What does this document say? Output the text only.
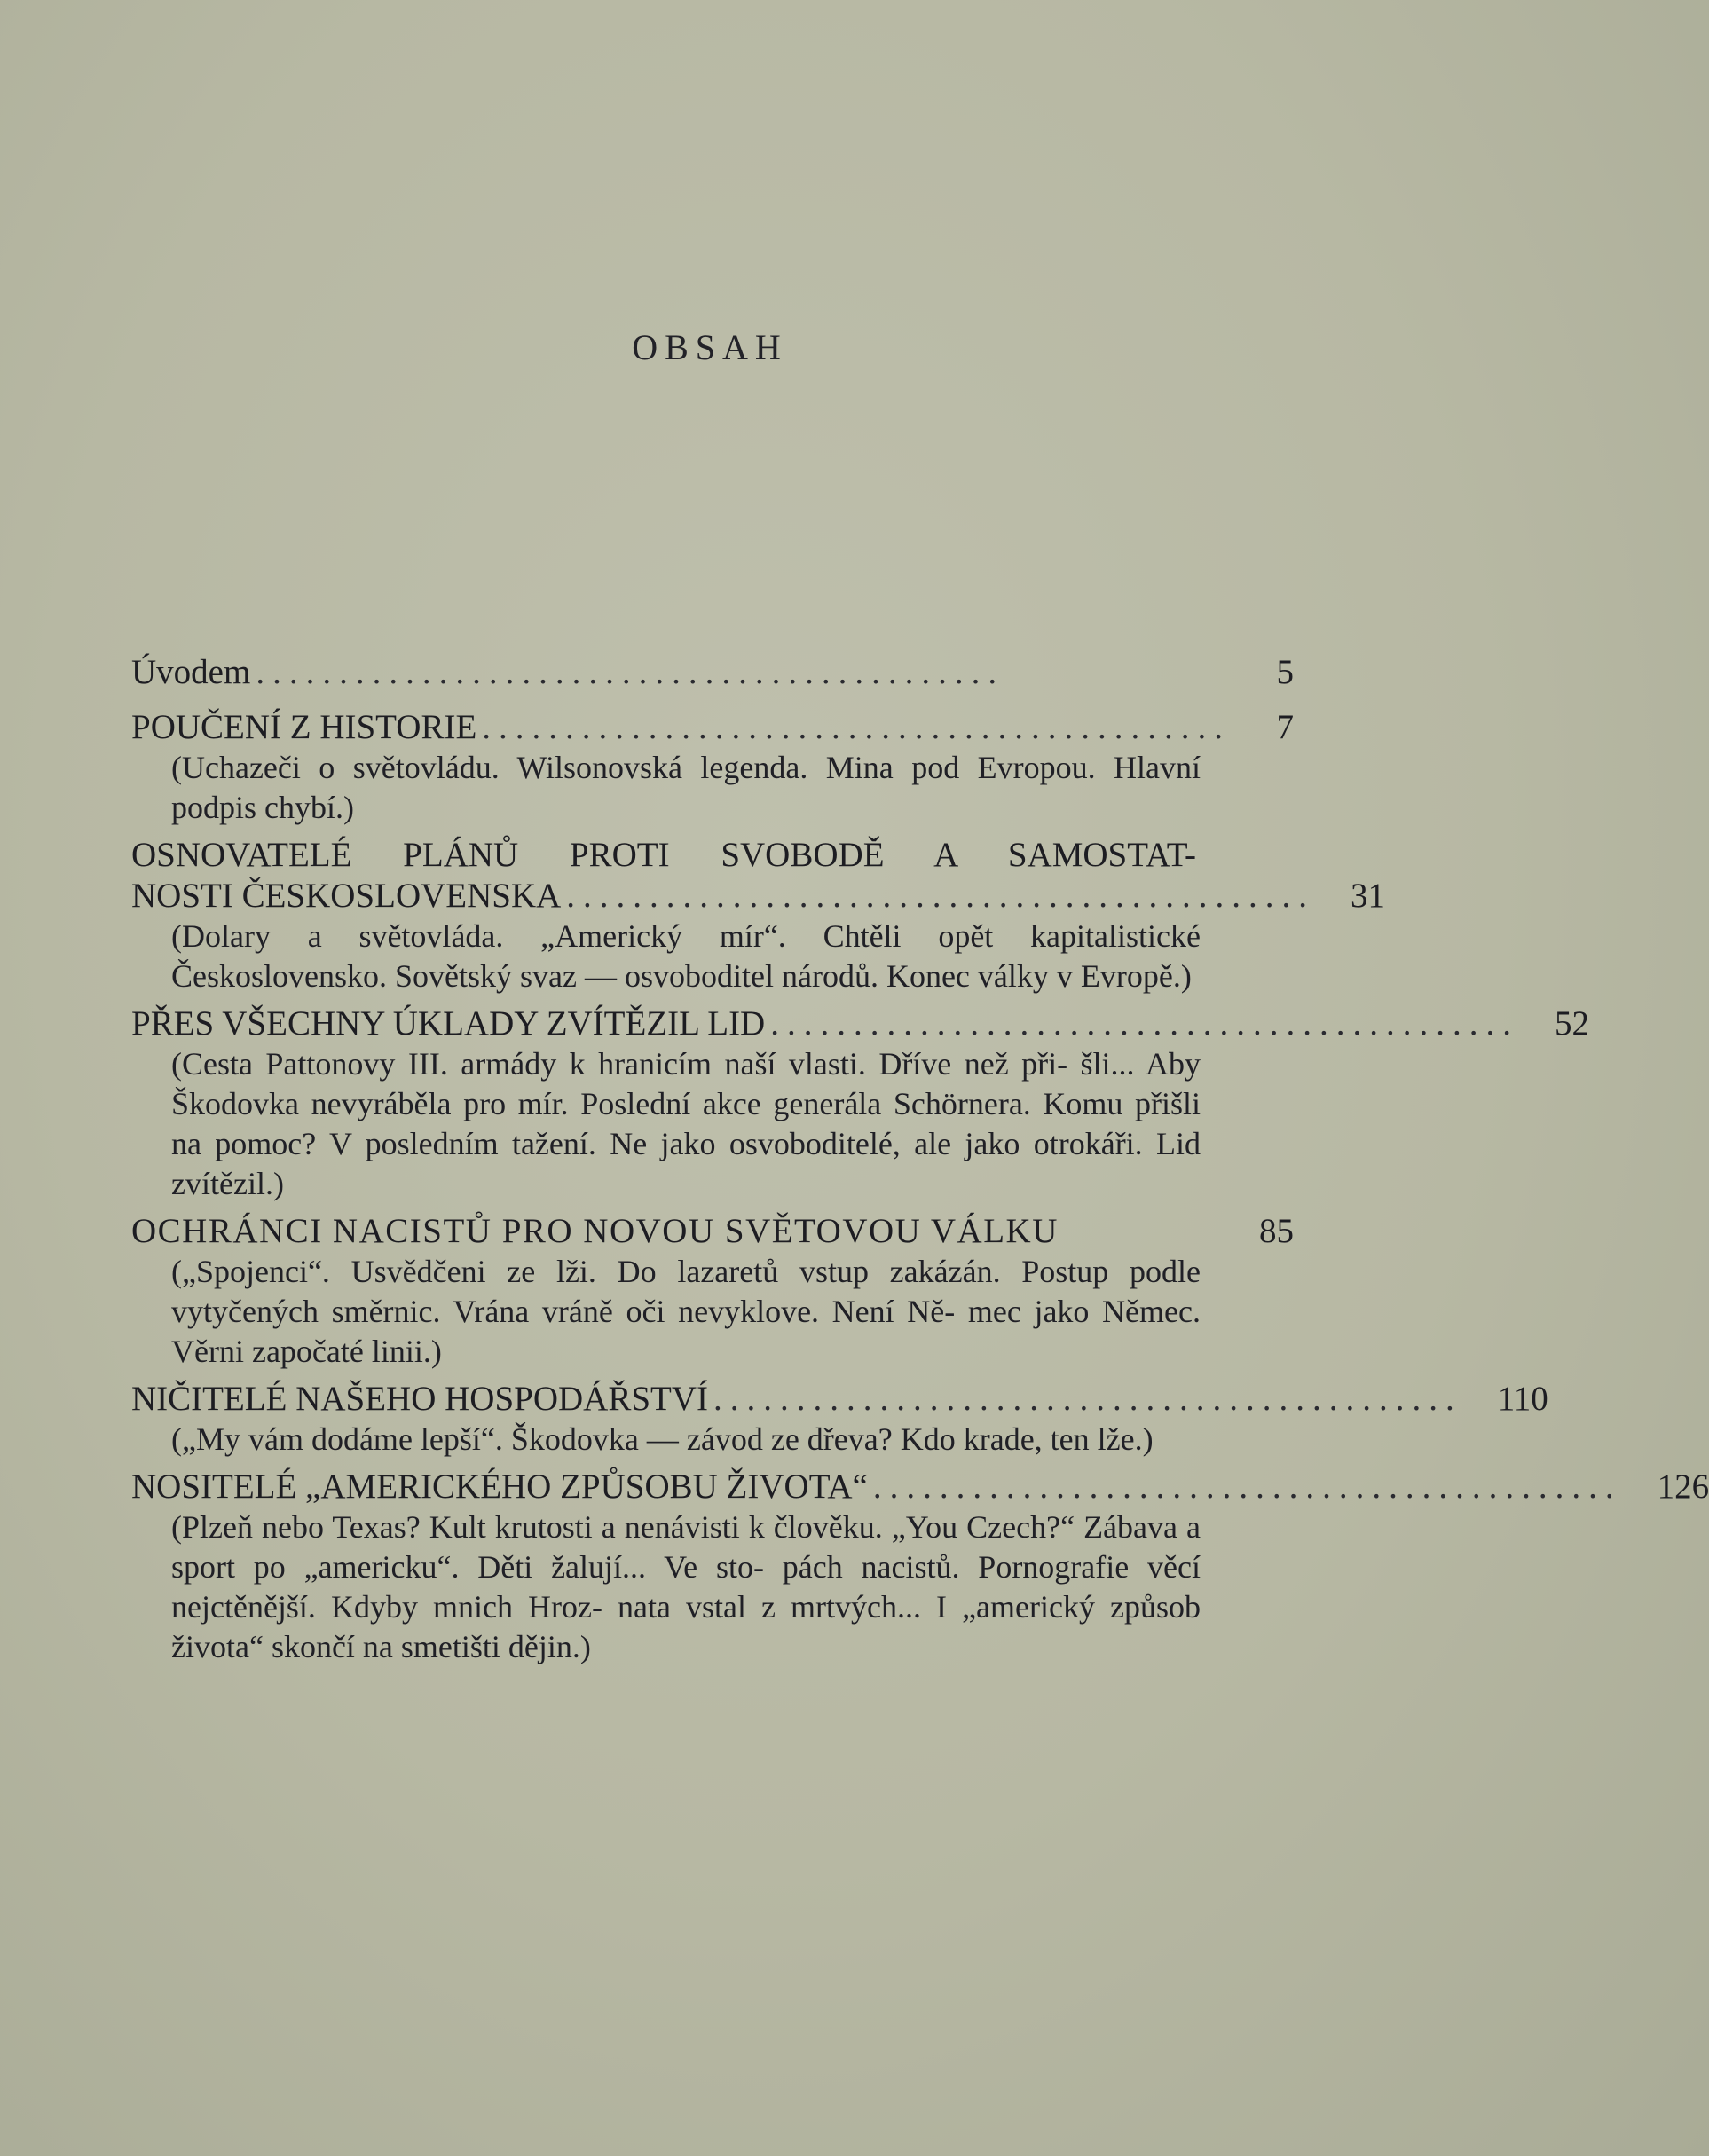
OBSAH
Úvodem .............................................	5
POUČENÍ Z HISTORIE ............................................. 7
(Uchazeči o světovládu. Wilsonovská legenda. Mina pod Evropou. Hlavní podpis chybí.)
OSNOVATELÉ PLÁNŮ PROTI SVOBODĚ A SAMOSTAT-
NOSTI ČESKOSLOVENSKA ............................................. 31
(Dolary a světovláda. „Americký mír“. Chtěli opět kapitalistické Československo. Sovětský svaz — osvoboditel národů. Konec války v Evropě.)
PŘES VŠECHNY ÚKLADY ZVÍTĚZIL LID ............................................. 52
(Cesta Pattonovy III. armády k hranicím naší vlasti. Dříve než při- šli... Aby Škodovka nevyráběla pro mír. Poslední akce generála Schörnera. Komu přišli na pomoc? V posledním tažení. Ne jako osvoboditelé, ale jako otrokáři. Lid zvítězil.)
OCHRÁNCI NACISTŮ PRO NOVOU SVĚTOVOU VÁLKU	85
(„Spojenci“. Usvědčeni ze lži. Do lazaretů vstup zakázán. Postup podle vytyčených směrnic. Vrána vráně oči nevyklove. Není Ně- mec jako Němec. Věrni započaté linii.)
NIČITELÉ NAŠEHO HOSPODÁŘSTVÍ ............................................. 110
(„My vám dodáme lepší“. Škodovka — závod ze dřeva? Kdo krade, ten lže.)
NOSITELÉ „AMERICKÉHO ZPŮSOBU ŽIVOTA“ ............................................. 126
(Plzeň nebo Texas? Kult krutosti a nenávisti k člověku. „You Czech?“ Zábava a sport po „americku“. Děti žalují... Ve sto- pách nacistů. Pornografie věcí nejctěnější. Kdyby mnich Hroz- nata vstal z mrtvých... I „americký způsob života“ skončí na smetišti dějin.)
